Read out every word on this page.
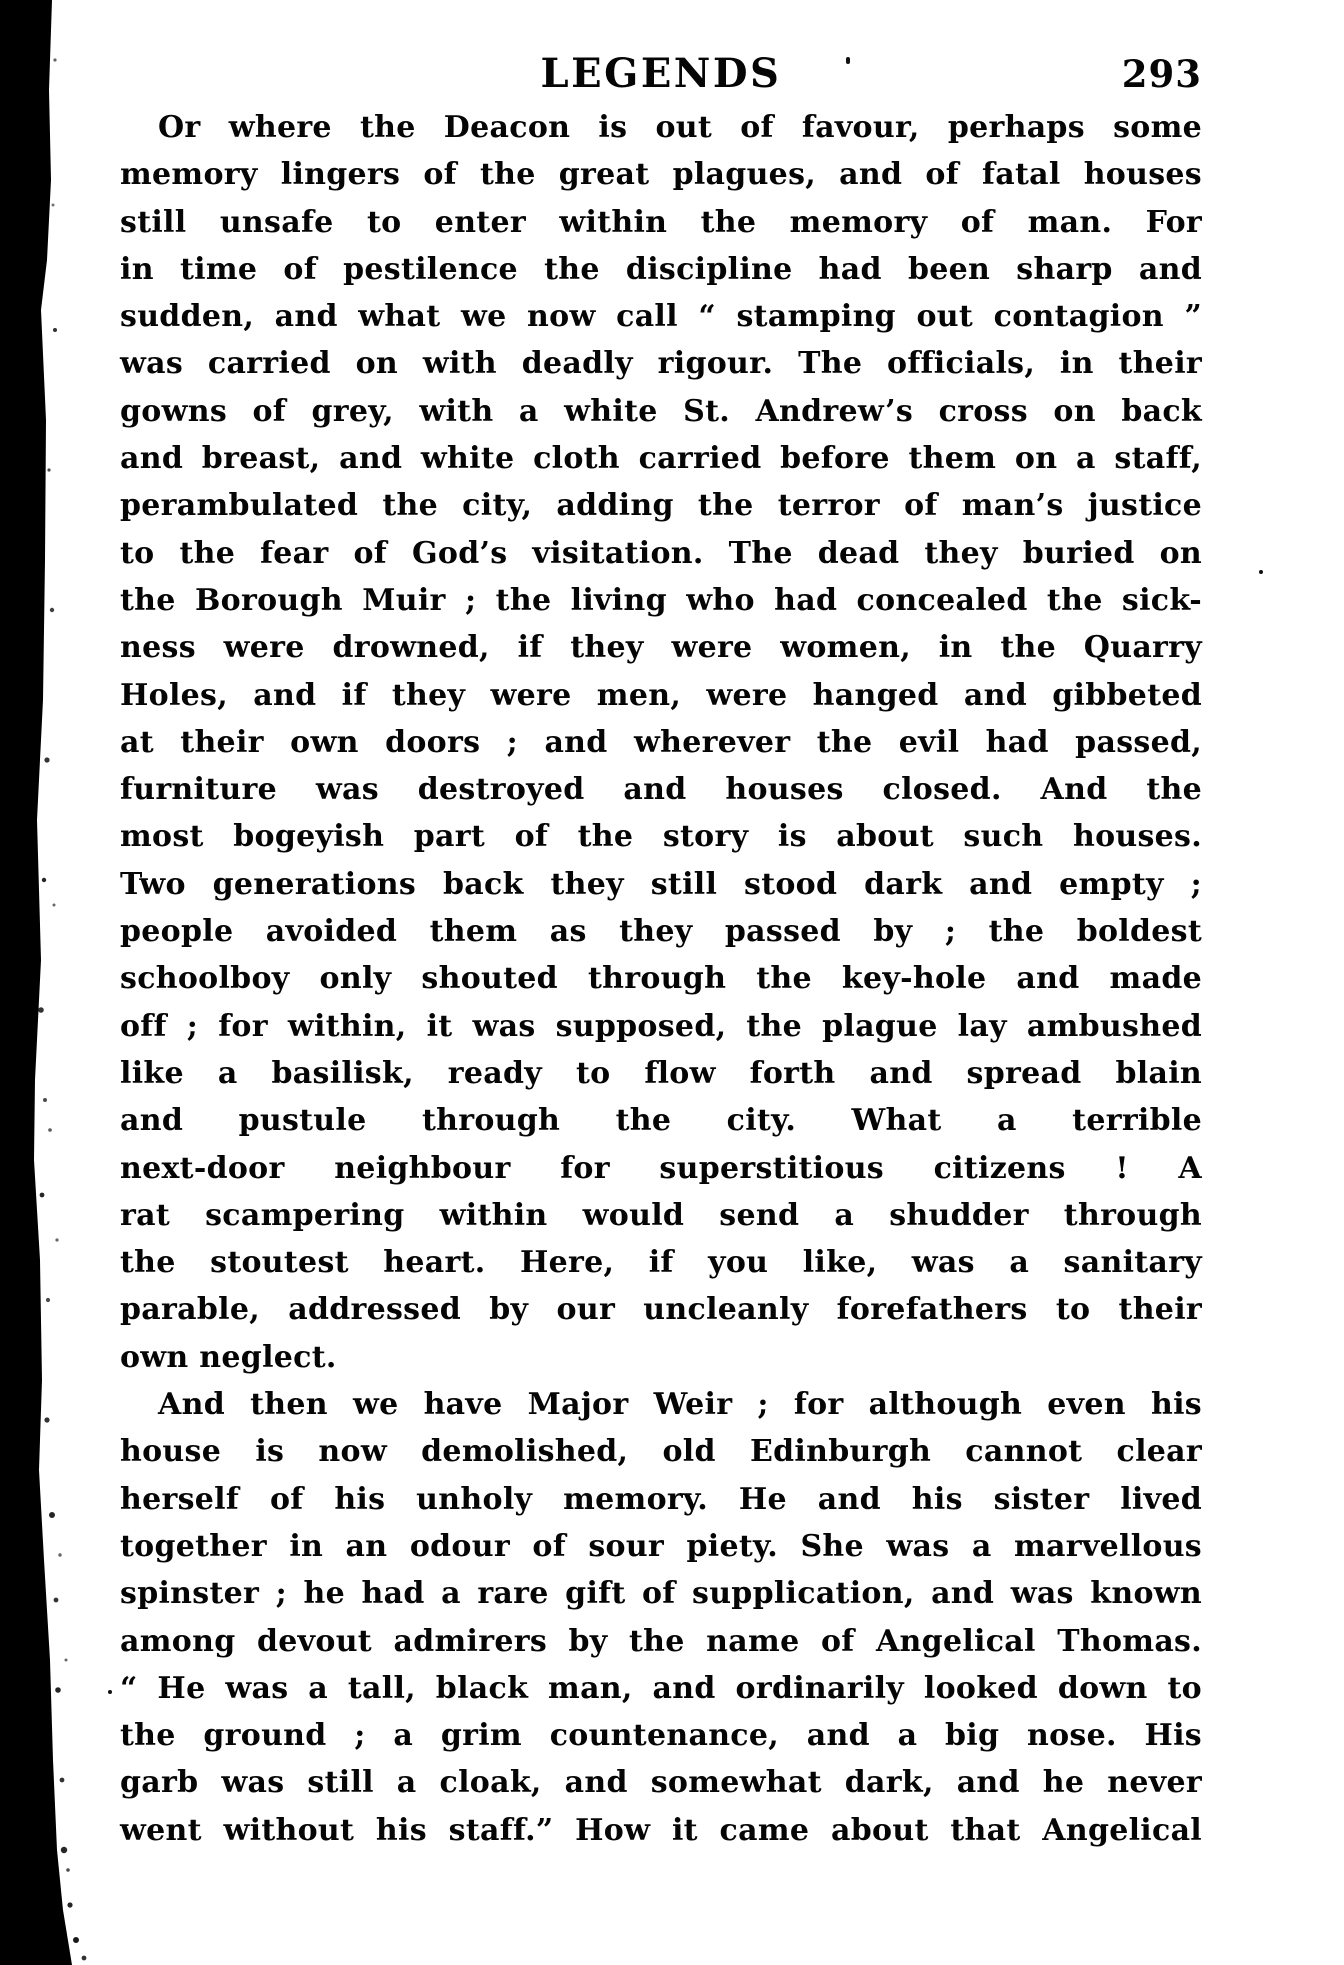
LEGENDS	293
Or where the Deacon is out of favour, perhaps some
memory lingers of the great plagues, and of fatal houses
still unsafe to enter within the memory of man. For
in time of pestilence the discipline had been sharp and
sudden, and what we now call “ stamping out contagion ”
was carried on with deadly rigour. The officials, in their
gowns of grey, with a white St. Andrew’s cross on back
and breast, and white cloth carried before them on a staff,
perambulated the city, adding the terror of man’s justice
to the fear of God’s visitation. The dead they buried on
the Borough Muir ; the living who had concealed the sick-
ness were drowned, if they were women, in the Quarry
Holes, and if they were men, were hanged and gibbeted
at their own doors ; and wherever the evil had passed,
furniture was destroyed and houses closed. And the
most bogeyish part of the story is about such houses.
Two generations back they still stood dark and empty ;
people avoided them as they passed by ; the boldest
schoolboy only shouted through the key-hole and made
off ; for within, it was supposed, the plague lay ambushed
like a basilisk, ready to flow forth and spread blain
and pustule through the city. What a terrible
next-door neighbour for superstitious citizens ! A
rat scampering within would send a shudder through
the stoutest heart. Here, if you like, was a sanitary
parable, addressed by our uncleanly forefathers to their
own neglect.
And then we have Major Weir ; for although even his
house is now demolished, old Edinburgh cannot clear
herself of his unholy memory. He and his sister lived
together in an odour of sour piety. She was a marvellous
spinster ; he had a rare gift of supplication, and was known
among devout admirers by the name of Angelical Thomas.
“ He was a tall, black man, and ordinarily looked down to
the ground ; a grim countenance, and a big nose. His
garb was still a cloak, and somewhat dark, and he never
went without his staff.” How it came about that Angelical
